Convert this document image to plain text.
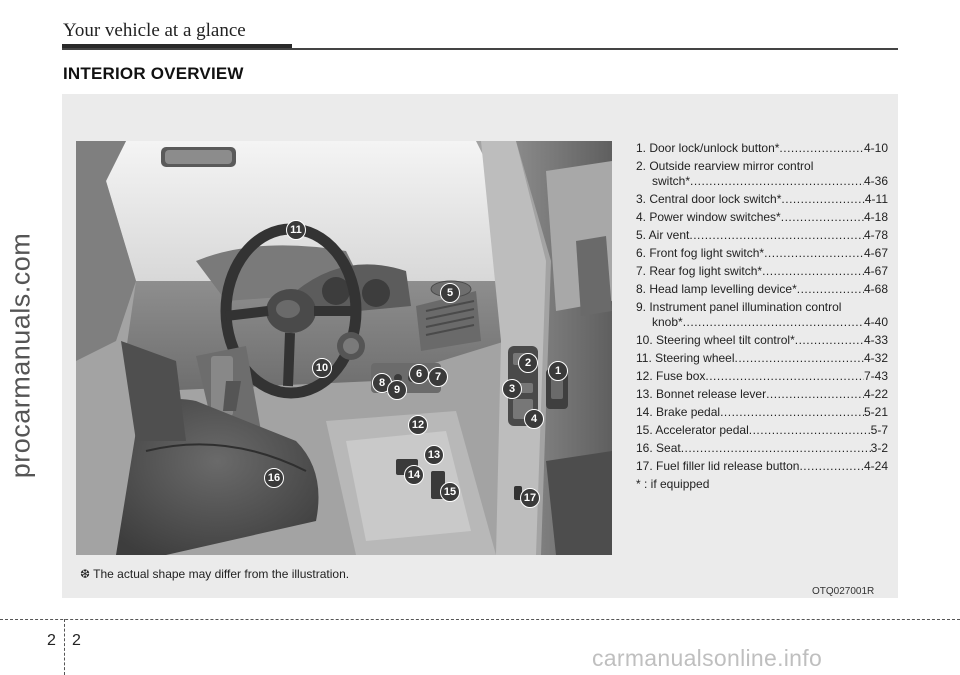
Your vehicle at a glance
INTERIOR OVERVIEW
11
5
10
8
9
6	7
12
13
14
15
16
2
1
3
4
17
1. Door lock/unlock button* .....	4-10
2. Outside rearview mirror control
switch* .....	4-36
3. Central door lock switch* .....	4-11
4. Power window switches* .....	4-18
5. Air vent .....	4-78
6. Front fog light switch* .....	4-67
7. Rear fog light switch* .....	4-67
8. Head lamp levelling device* .....	4-68
9. Instrument panel illumination control
knob* .....	4-40
10. Steering wheel tilt control* .....	4-33
11. Steering wheel .....	4-32
12. Fuse box .....	7-43
13. Bonnet release lever .....	4-22
14. Brake pedal .....	5-21
15. Accelerator pedal .....	5-7
16. Seat .....	3-2
17. Fuel filler lid release button .....	4-24
* : if equipped
❆ The actual shape may differ from the illustration.
OTQ027001R
2 2
procarmanuals.com
carmanualsonline.info
